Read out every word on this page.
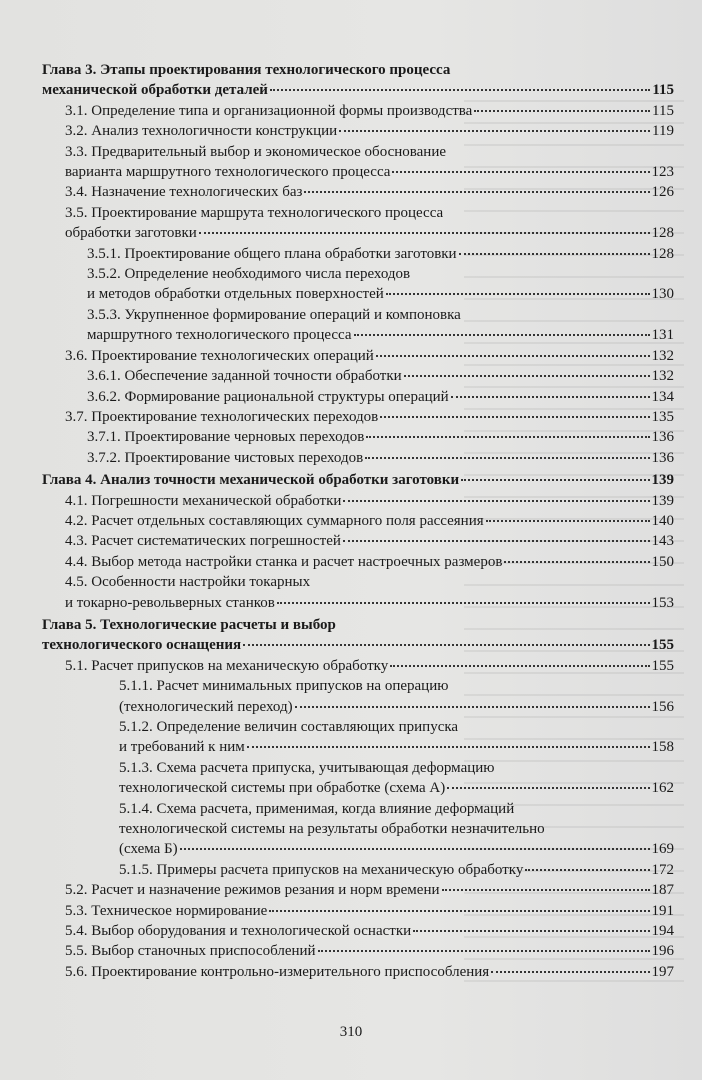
Глава 3. Этапы проектирования технологического процесса
механической обработки деталей	115
3.1. Определение типа и организационной формы производства	115
3.2. Анализ технологичности конструкции	119
3.3. Предварительный выбор и экономическое обоснование
варианта маршрутного технологического процесса	123
3.4. Назначение технологических баз	126
3.5. Проектирование маршрута технологического процесса
обработки заготовки	128
3.5.1. Проектирование общего плана обработки заготовки	128
3.5.2. Определение необходимого числа переходов
и методов обработки отдельных поверхностей	130
3.5.3. Укрупненное формирование операций и компоновка
маршрутного технологического процесса	131
3.6. Проектирование технологических операций	132
3.6.1. Обеспечение заданной точности обработки	132
3.6.2. Формирование рациональной структуры операций	134
3.7. Проектирование технологических переходов	135
3.7.1. Проектирование черновых переходов	136
3.7.2. Проектирование чистовых переходов	136
Глава 4. Анализ точности механической обработки заготовки	139
4.1. Погрешности механической обработки	139
4.2. Расчет отдельных составляющих суммарного поля рассеяния	140
4.3. Расчет систематических погрешностей	143
4.4. Выбор метода настройки станка и расчет настроечных размеров	150
4.5. Особенности настройки токарных
и токарно-револьверных станков	153
Глава 5. Технологические расчеты и выбор
технологического оснащения	155
5.1. Расчет припусков на механическую обработку	155
5.1.1. Расчет минимальных припусков на операцию
(технологический переход)	156
5.1.2. Определение величин составляющих припуска
и требований к ним	158
5.1.3. Схема расчета припуска, учитывающая деформацию
технологической системы при обработке (схема А)	162
5.1.4. Схема расчета, применимая, когда влияние деформаций
технологической системы на результаты обработки незначительно
(схема Б)	169
5.1.5. Примеры расчета припусков на механическую обработку	172
5.2. Расчет и назначение режимов резания и норм времени	187
5.3. Техническое нормирование	191
5.4. Выбор оборудования и технологической оснастки	194
5.5. Выбор станочных приспособлений	196
5.6. Проектирование контрольно-измерительного приспособления	197
310
